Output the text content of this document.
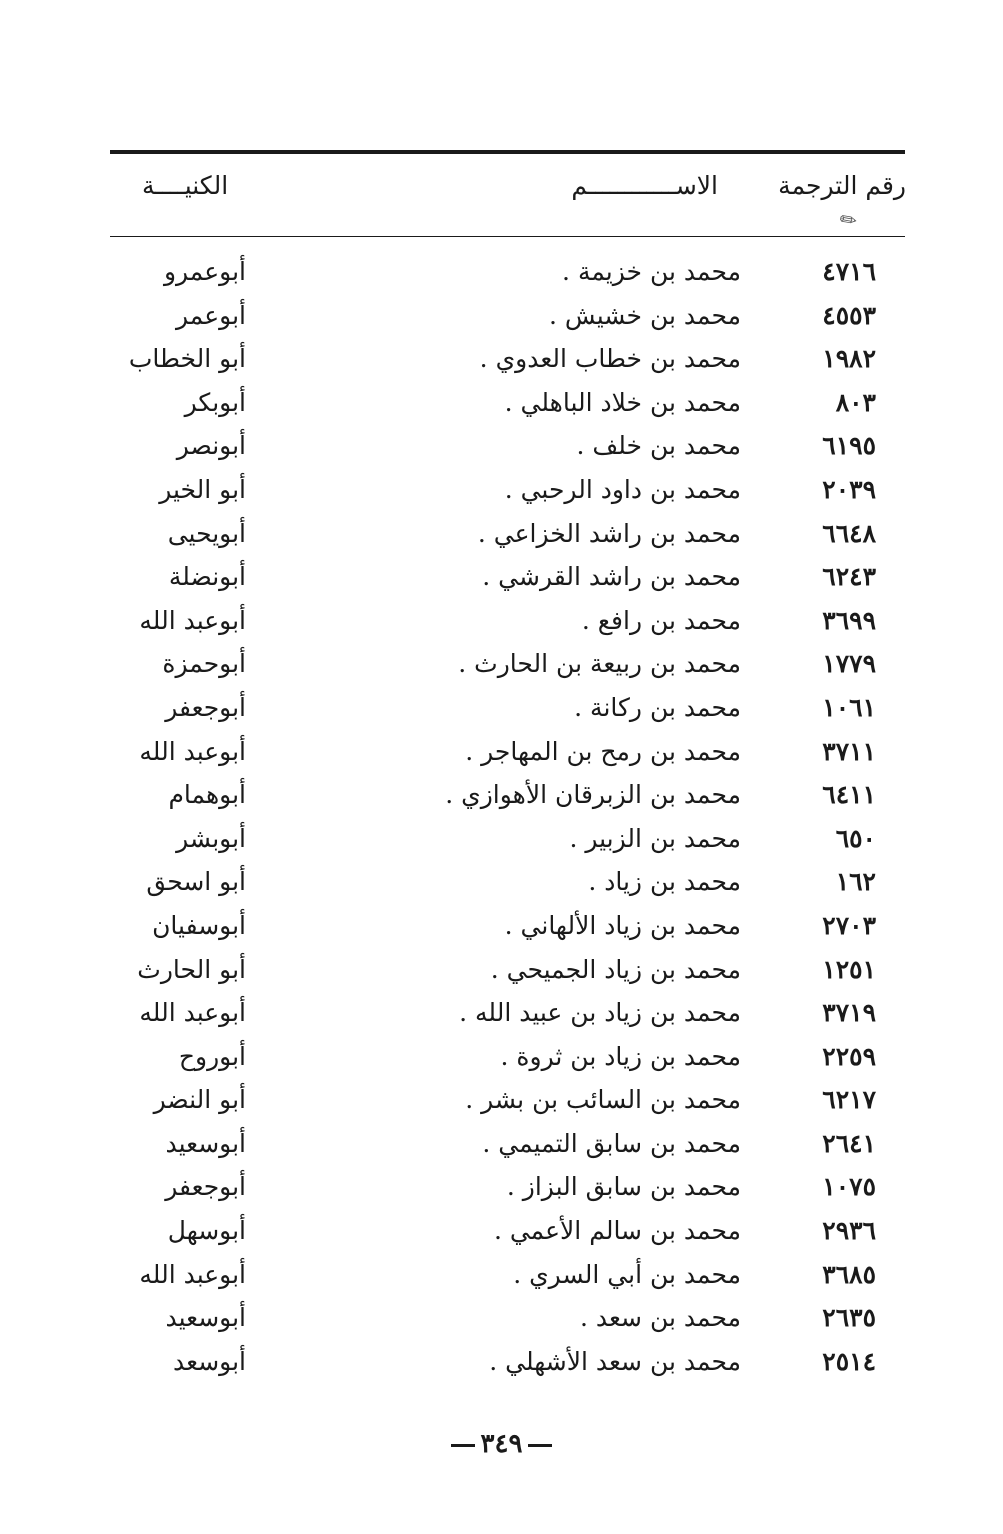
رقم الترجمة
الاســــــــــــم
الكنيــــة
✎
٤٧١٦
محمد بن خزيمة .
أبوعمرو
٤٥٥٣
محمد بن خشيش .
أبوعمر
١٩٨٢
محمد بن خطاب العدوي .
أبو الخطاب
٨٠٣
محمد بن خلاد الباهلي .
أبوبكر
٦١٩٥
محمد بن خلف .
أبونصر
٢٠٣٩
محمد بن داود الرحبي .
أبو الخير
٦٦٤٨
محمد بن راشد الخزاعي .
أبويحيى
٦٢٤٣
محمد بن راشد القرشي .
أبونضلة
٣٦٩٩
محمد بن رافع .
أبوعبد الله
١٧٧٩
محمد بن ربيعة بن الحارث .
أبوحمزة
١٠٦١
محمد بن ركانة .
أبوجعفر
٣٧١١
محمد بن رمح بن المهاجر .
أبوعبد الله
٦٤١١
محمد بن الزبرقان الأهوازي .
أبوهمام
٦٥٠
محمد بن الزبير .
أبوبشر
١٦٢
محمد بن زياد .
أبو اسحق
٢٧٠٣
محمد بن زياد الألهاني .
أبوسفيان
١٢٥١
محمد بن زياد الجميحي .
أبو الحارث
٣٧١٩
محمد بن زياد بن عبيد الله .
أبوعبد الله
٢٢٥٩
محمد بن زياد بن ثروة .
أبوروح
٦٢١٧
محمد بن السائب بن بشر .
أبو النضر
٢٦٤١
محمد بن سابق التميمي .
أبوسعيد
١٠٧٥
محمد بن سابق البزاز .
أبوجعفر
٢٩٣٦
محمد بن سالم الأعمي .
أبوسهل
٣٦٨٥
محمد بن أبي السري .
أبوعبد الله
٢٦٣٥
محمد بن سعد .
أبوسعيد
٢٥١٤
محمد بن سعد الأشهلي .
أبوسعد
٣٤٩
